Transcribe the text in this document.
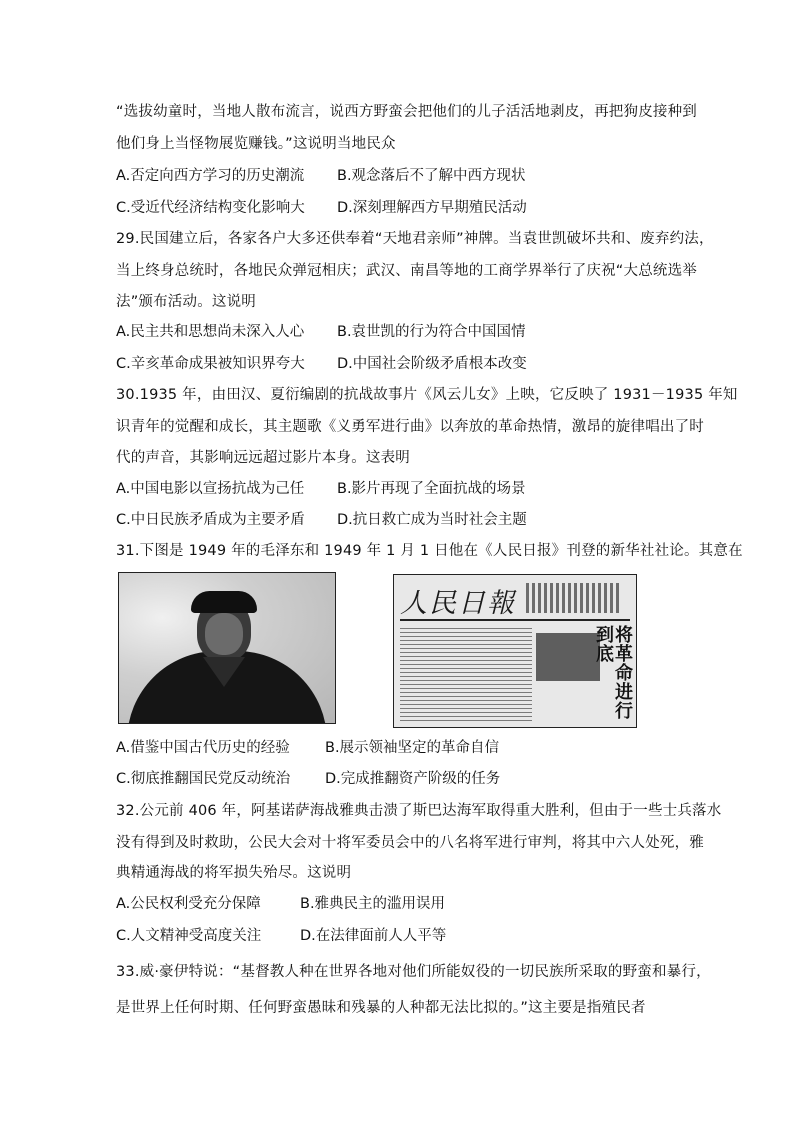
“选拔幼童时，当地人散布流言，说西方野蛮会把他们的儿子活活地剥皮，再把狗皮接种到
他们身上当怪物展览赚钱。”这说明当地民众
A.否定向西方学习的历史潮流 B.观念落后不了解中西方现状
C.受近代经济结构变化影响大 D.深刻理解西方早期殖民活动
29.民国建立后，各家各户大多还供奉着“天地君亲师”神牌。当袁世凯破坏共和、废弃约法，
当上终身总统时，各地民众弹冠相庆；武汉、南昌等地的工商学界举行了庆祝“大总统选举
法”颁布活动。这说明
A.民主共和思想尚未深入人心 B.袁世凯的行为符合中国国情
C.辛亥革命成果被知识界夸大 D.中国社会阶级矛盾根本改变
30.1935 年，由田汉、夏衍编剧的抗战故事片《风云儿女》上映，它反映了 1931－1935 年知
识青年的觉醒和成长，其主题歌《义勇军进行曲》以奔放的革命热情，激昂的旋律唱出了时
代的声音，其影响远远超过影片本身。这表明
A.中国电影以宣扬抗战为己任 B.影片再现了全面抗战的场景
C.中日民族矛盾成为主要矛盾 D.抗日救亡成为当时社会主题
31.下图是 1949 年的毛泽东和 1949 年 1 月 1 日他在《人民日报》刊登的新华社社论。其意在
人民日報
将革命进行到底
A.借鉴中国古代历史的经验 B.展示领袖坚定的革命自信
C.彻底推翻国民党反动统治 D.完成推翻资产阶级的任务
32.公元前 406 年，阿基诺萨海战雅典击溃了斯巴达海军取得重大胜利，但由于一些士兵落水
没有得到及时救助，公民大会对十将军委员会中的八名将军进行审判，将其中六人处死，雅
典精通海战的将军损失殆尽。这说明
A.公民权利受充分保障	B.雅典民主的滥用误用
C.人文精神受高度关注	D.在法律面前人人平等
33.威·豪伊特说：“基督教人种在世界各地对他们所能奴役的一切民族所采取的野蛮和暴行，
是世界上任何时期、任何野蛮愚昧和残暴的人种都无法比拟的。”这主要是指殖民者
